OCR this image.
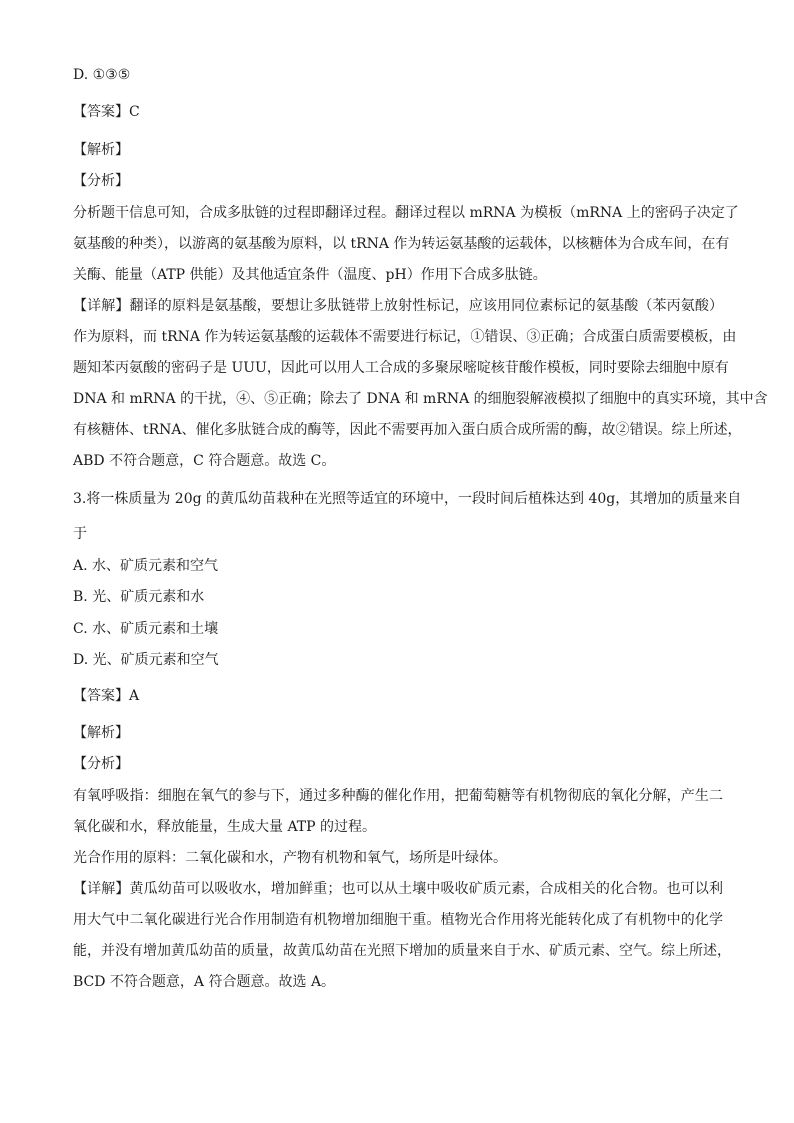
D. ①③⑤
【答案】C
【解析】
【分析】
分析题干信息可知，合成多肽链的过程即翻译过程。翻译过程以 mRNA 为模板（mRNA 上的密码子决定了
氨基酸的种类），以游离的氨基酸为原料，以 tRNA 作为转运氨基酸的运载体，以核糖体为合成车间，在有
关酶、能量（ATP 供能）及其他适宜条件（温度、pH）作用下合成多肽链。
【详解】翻译的原料是氨基酸，要想让多肽链带上放射性标记，应该用同位素标记的氨基酸（苯丙氨酸）
作为原料，而 tRNA 作为转运氨基酸的运载体不需要进行标记，①错误、③正确；合成蛋白质需要模板，由
题知苯丙氨酸的密码子是 UUU，因此可以用人工合成的多聚尿嘧啶核苷酸作模板，同时要除去细胞中原有
DNA 和 mRNA 的干扰，④、⑤正确；除去了 DNA 和 mRNA 的细胞裂解液模拟了细胞中的真实环境，其中含
有核糖体、tRNA、催化多肽链合成的酶等，因此不需要再加入蛋白质合成所需的酶，故②错误。综上所述，
ABD 不符合题意，C 符合题意。故选 C。
3.将一株质量为 20g 的黄瓜幼苗栽种在光照等适宜的环境中，一段时间后植株达到 40g，其增加的质量来自
于
A. 水、矿质元素和空气
B. 光、矿质元素和水
C. 水、矿质元素和土壤
D. 光、矿质元素和空气
【答案】A
【解析】
【分析】
有氧呼吸指：细胞在氧气的参与下，通过多种酶的催化作用，把葡萄糖等有机物彻底的氧化分解，产生二
氧化碳和水，释放能量，生成大量 ATP 的过程。
光合作用的原料：二氧化碳和水，产物有机物和氧气，场所是叶绿体。
【详解】黄瓜幼苗可以吸收水，增加鲜重；也可以从土壤中吸收矿质元素，合成相关的化合物。也可以利
用大气中二氧化碳进行光合作用制造有机物增加细胞干重。植物光合作用将光能转化成了有机物中的化学
能，并没有增加黄瓜幼苗的质量，故黄瓜幼苗在光照下增加的质量来自于水、矿质元素、空气。综上所述，
BCD 不符合题意，A 符合题意。故选 A。
